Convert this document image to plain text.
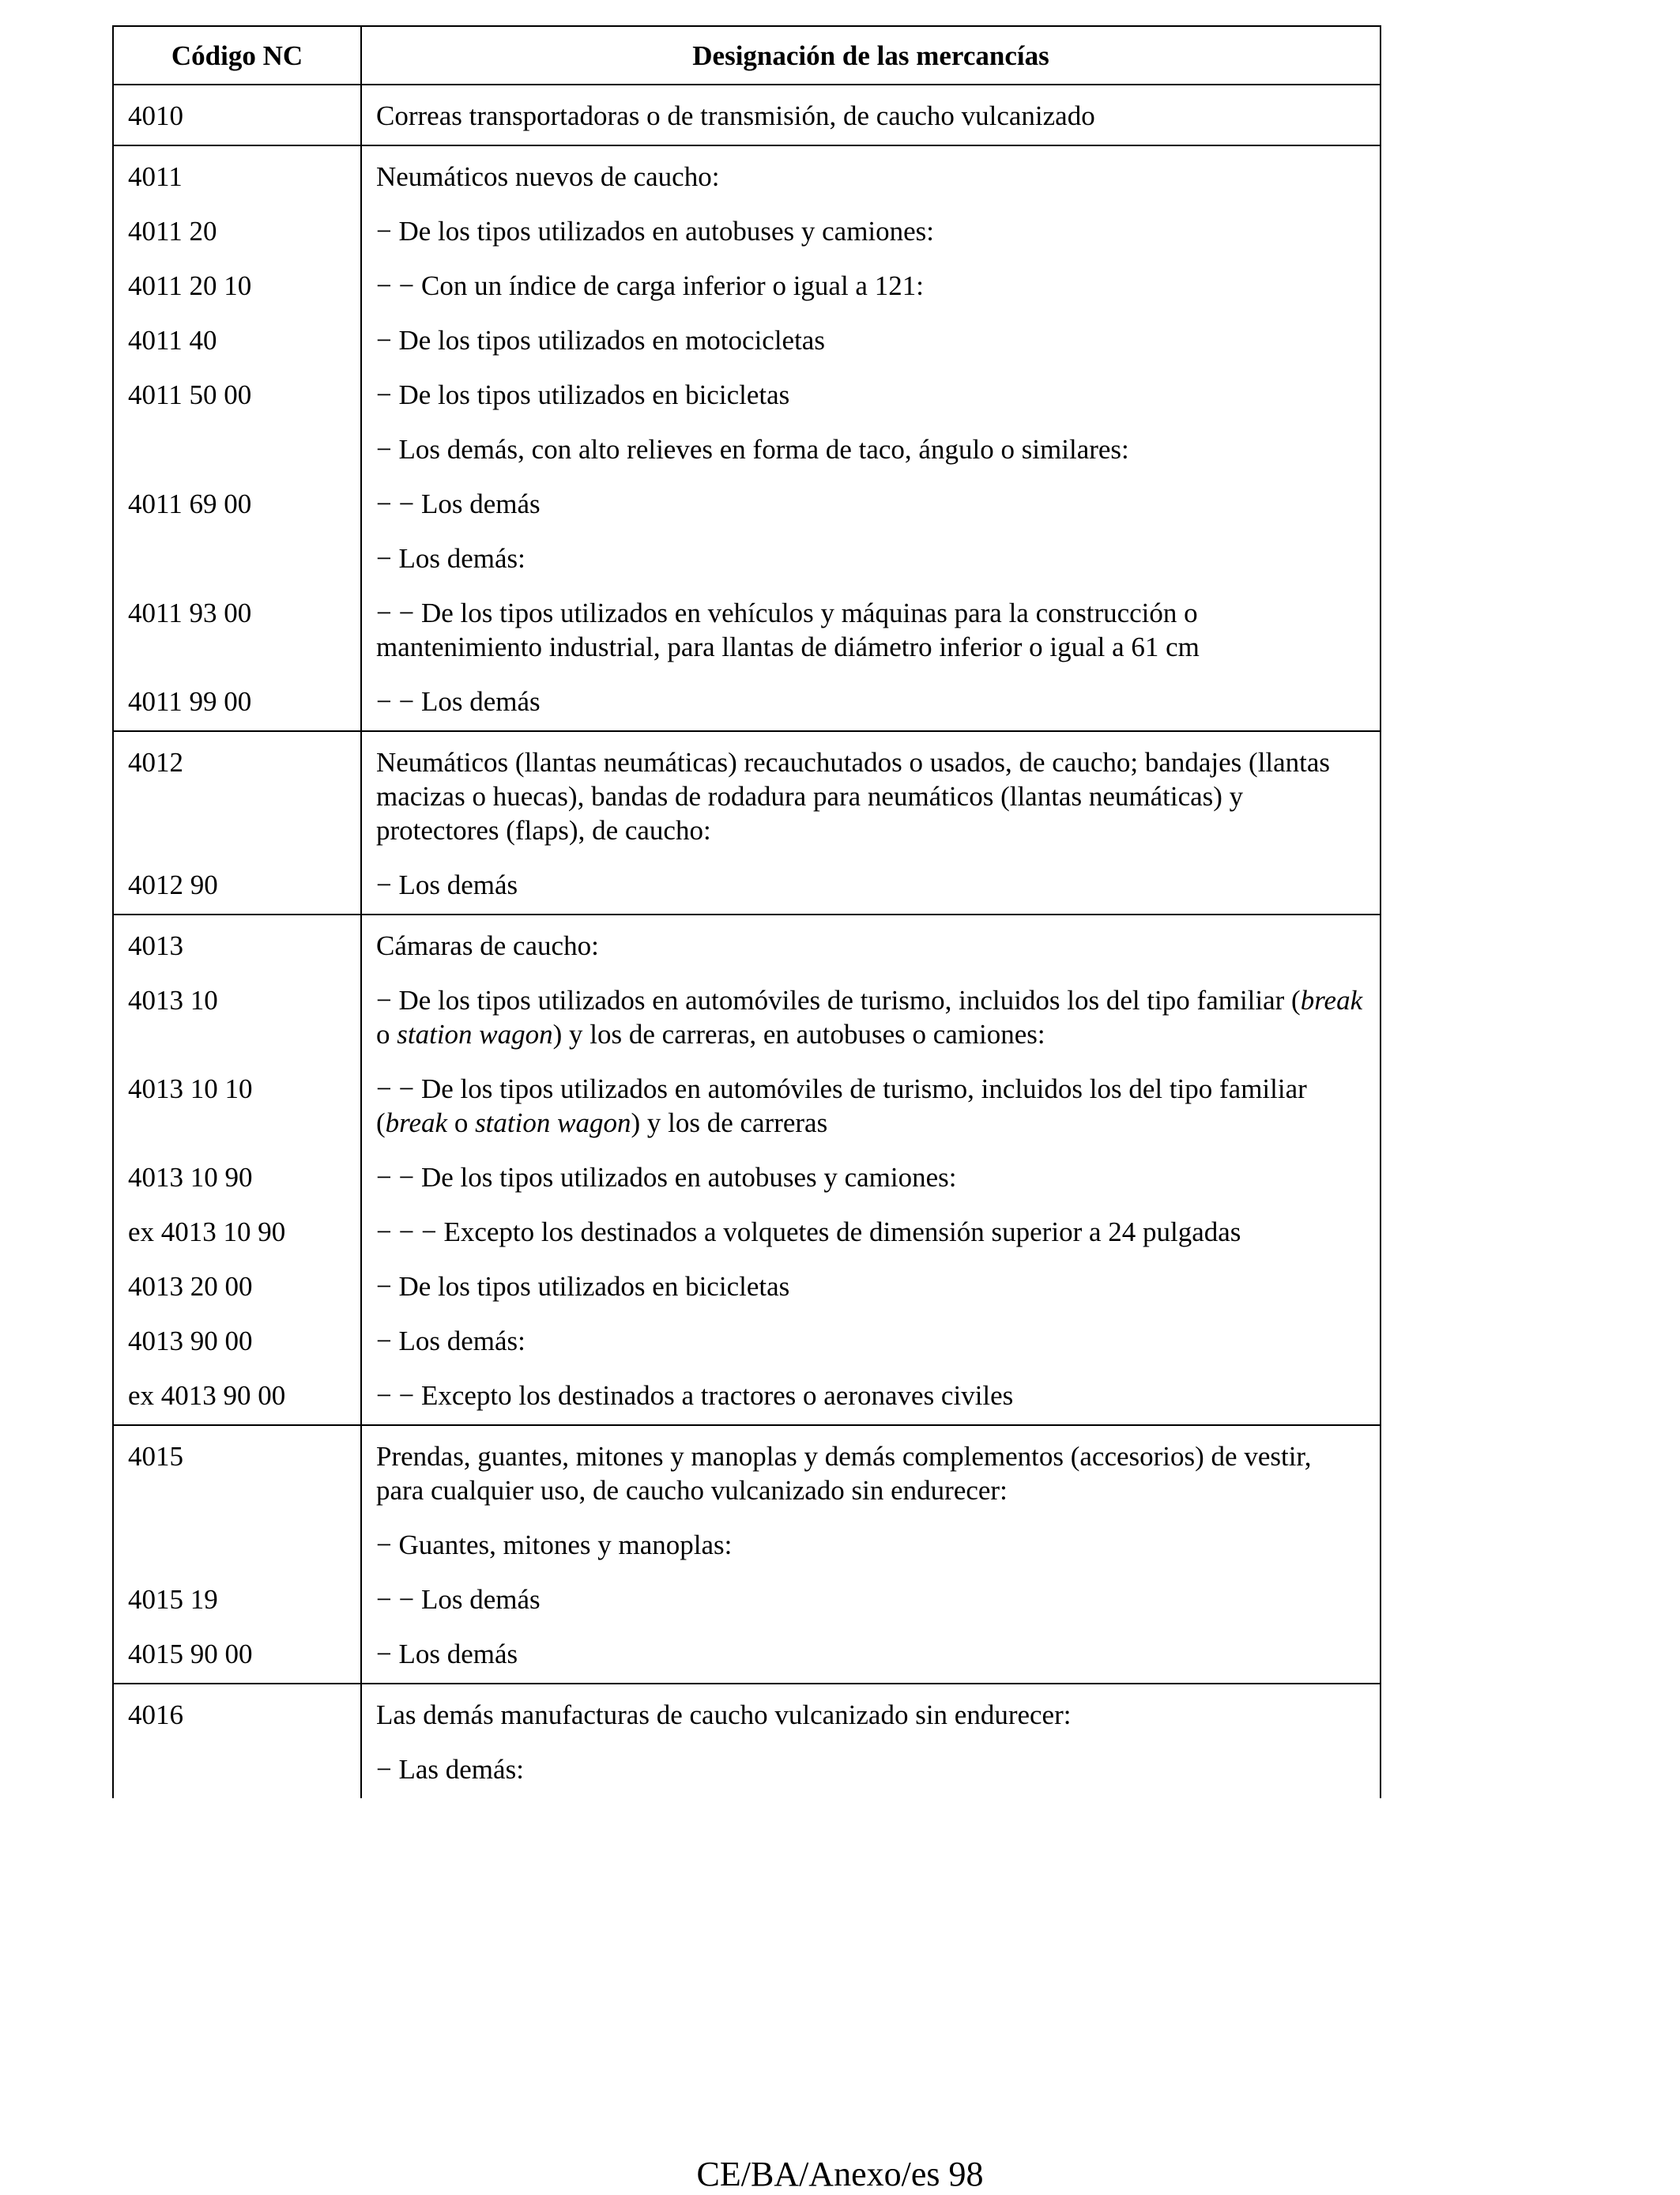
Código NC	Designación de las mercancías
4010	Correas transportadoras o de transmisión, de caucho vulcanizado
4011	Neumáticos nuevos de caucho:
4011 20	− De los tipos utilizados en autobuses y camiones:
4011 20 10	− − Con un índice de carga inferior o igual a 121:
4011 40	− De los tipos utilizados en motocicletas
4011 50 00	− De los tipos utilizados en bicicletas
	− Los demás, con alto relieves en forma de taco, ángulo o similares:
4011 69 00	− − Los demás
	− Los demás:
4011 93 00	− − De los tipos utilizados en vehículos y máquinas para la construcción o mantenimiento industrial, para llantas de diámetro inferior o igual a 61 cm
4011 99 00	− − Los demás
4012	Neumáticos (llantas neumáticas) recauchutados o usados, de caucho; bandajes (llantas macizas o huecas), bandas de rodadura para neumáticos (llantas neumáticas) y protectores (flaps), de caucho:
4012 90	− Los demás
4013	Cámaras de caucho:
4013 10	− De los tipos utilizados en automóviles de turismo, incluidos los del tipo familiar (break o station wagon) y los de carreras, en autobuses o camiones:
4013 10 10	− − De los tipos utilizados en automóviles de turismo, incluidos los del tipo familiar (break o station wagon) y los de carreras
4013 10 90	− − De los tipos utilizados en autobuses y camiones:
ex 4013 10 90	− − − Excepto los destinados a volquetes de dimensión superior a 24 pulgadas
4013 20 00	− De los tipos utilizados en bicicletas
4013 90 00	− Los demás:
ex 4013 90 00	− − Excepto los destinados a tractores o aeronaves civiles
4015	Prendas, guantes, mitones y manoplas y demás complementos (accesorios) de vestir, para cualquier uso, de caucho vulcanizado sin endurecer:
	− Guantes, mitones y manoplas:
4015 19	− − Los demás
4015 90 00	− Los demás
4016	Las demás manufacturas de caucho vulcanizado sin endurecer:
	− Las demás:
CE/BA/Anexo/es 98
